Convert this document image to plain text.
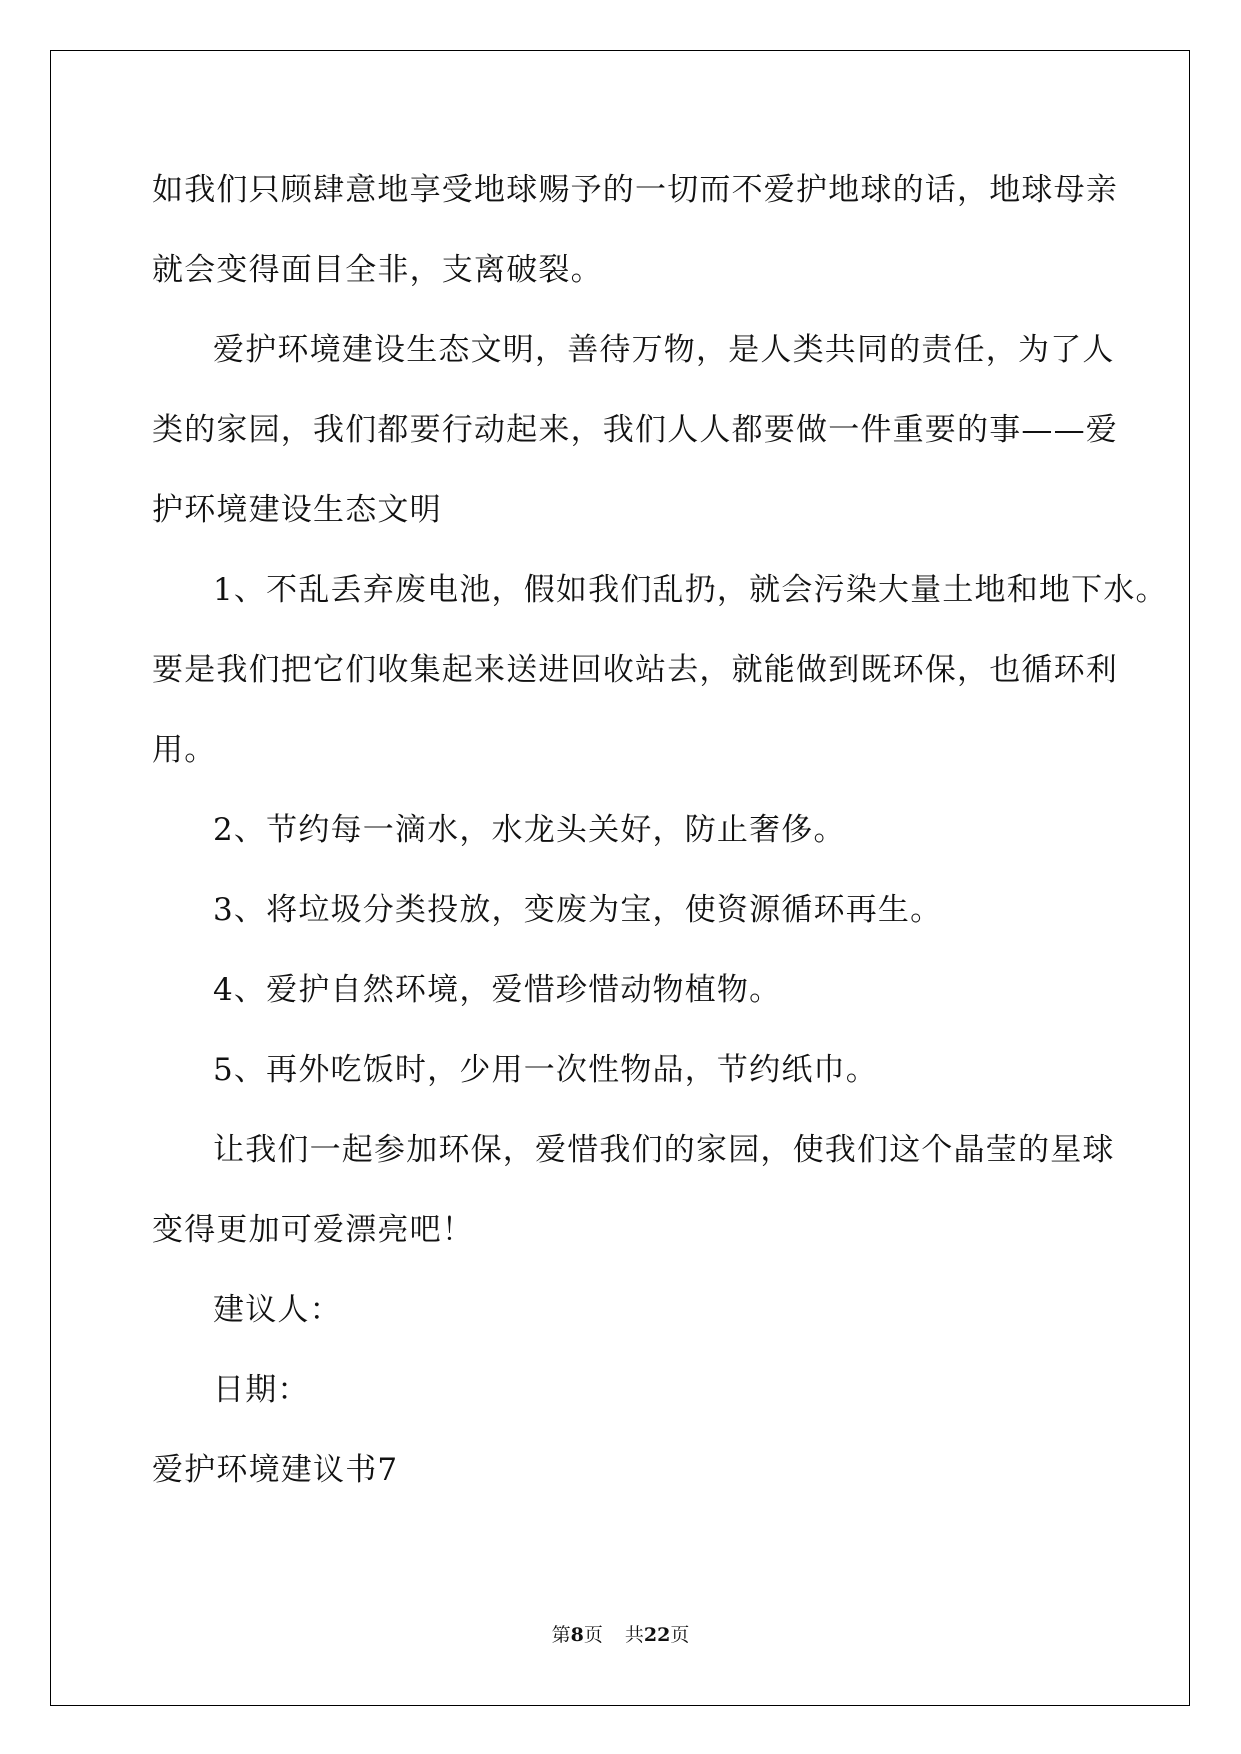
如我们只顾肆意地享受地球赐予的一切而不爱护地球的话，地球母亲
就会变得面目全非，支离破裂。
爱护环境建设生态文明，善待万物，是人类共同的责任，为了人
类的家园，我们都要行动起来，我们人人都要做一件重要的事——爱
护环境建设生态文明
1、不乱丢弃废电池，假如我们乱扔，就会污染大量土地和地下水。
要是我们把它们收集起来送进回收站去，就能做到既环保，也循环利
用。
2、节约每一滴水，水龙头关好，防止奢侈。
3、将垃圾分类投放，变废为宝，使资源循环再生。
4、爱护自然环境，爱惜珍惜动物植物。
5、再外吃饭时，少用一次性物品，节约纸巾。
让我们一起参加环保，爱惜我们的家园，使我们这个晶莹的星球
变得更加可爱漂亮吧！
建议人：
日期：
爱护环境建议书7
第8页 共22页
